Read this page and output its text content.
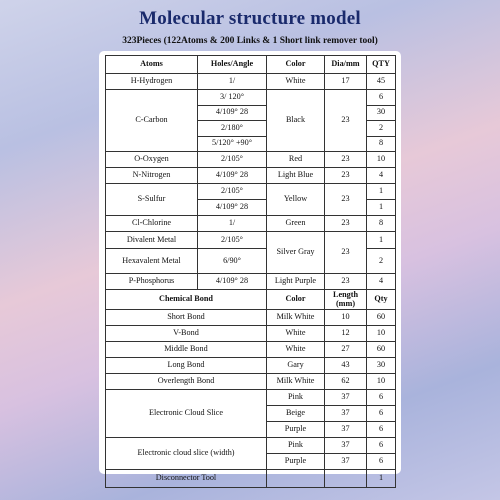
Molecular structure model
323Pieces (122Atoms & 200 Links & 1 Short link remover tool)
Atoms	Holes/Angle	Color	Dia/mm	QTY
H-Hydrogen	1/	White	17	45
C-Carbon	3/ 120°	Black	23	6
	4/109° 28			30
	2/180°			2
	5/120° +90°			8
O-Oxygen	2/105°	Red	23	10
N-Nitrogen	4/109° 28	Light Blue	23	4
S-Sulfur	2/105°	Yellow	23	1
	4/109° 28			1
Cl-Chlorine	1/	Green	23	8
Divalent Metal	2/105°	Silver Gray	23	1
Hexavalent Metal	6/90°			2
P-Phosphorus	4/109° 28	Light Purple	23	4
Chemical Bond		Color	Length (mm)	Qty
Short Bond		Milk White	10	60
V-Bond		White	12	10
Middle Bond		White	27	60
Long Bond		Gary	43	30
Overlength Bond		Milk White	62	10
Electronic Cloud Slice		Pink	37	6
		Beige	37	6
		Purple	37	6
Electronic cloud slice (width)		Pink	37	6
		Purple	37	6
Disconnector Tool				1
